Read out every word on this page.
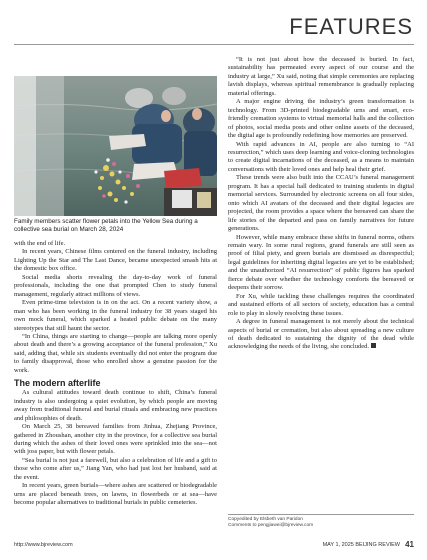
FEATURES
Family members scatter flower petals into the Yellow Sea during a collective sea burial on March 28, 2024

with the end of life.

In recent years, Chinese films centered on the funeral industry, including Lighting Up the Star and The Last Dance, became unexpected smash hits at the domestic box office.

Social media shorts revealing the day-to-day work of funeral professionals, including the one that prompted Chen to study funeral management, regularly attract millions of views.

Even prime-time television is in on the act. On a recent variety show, a man who has been working in the funeral industry for 38 years staged his own mock funeral, which sparked a heated public debate on the many stereotypes that still haunt the sector.

“In China, things are starting to change—people are talking more openly about death and there’s a growing acceptance of the funeral profession,” Xu said, adding that, while six students eventually did not enter the program due to family disapproval, those who enrolled show a genuine passion for the work.

The modern afterlife

As cultural attitudes toward death continue to shift, China’s funeral industry is also undergoing a quiet evolution, by which people are moving away from traditional funeral and burial rituals and embracing new practices and philosophies of death.

On March 25, 38 bereaved families from Jinhua, Zhejiang Province, gathered in Zhoushan, another city in the province, for a collective sea burial during which the ashes of their loved ones were sprinkled into the sea—not with joss paper, but with flower petals.

“Sea burial is not just a farewell, but also a celebration of life and a gift to those who come after us,” Jiang Yan, who had just lost her husband, said at the event.

In recent years, green burials—where ashes are scattered or biodegradable urns are placed beneath trees, on lawns, in flowerbeds or at sea—have become popular alternatives to traditional burials in public cemeteries.

“It is not just about how the deceased is buried. In fact, sustainability has permeated every aspect of our course and the industry at large,” Xu said, noting that simple ceremonies are replacing lavish displays, whereas spiritual remembrance is gradually replacing material offerings.

A major engine driving the industry’s green transformation is technology. From 3D-printed biodegradable urns and smart, eco-friendly cremation systems to virtual memorial halls and the collection of photos, social media posts and other online assets of the deceased, the digital age is profoundly redefining how memories are preserved.

With rapid advances in AI, people are also turning to “AI resurrection,” which uses deep learning and voice-cloning technologies to create digital incarnations of the deceased, as a means to maintain conversations with their loved ones and help heal their grief.

These trends were also built into the CCAU’s funeral management program. It has a special hall dedicated to training students in digital memorial services. Surrounded by electronic screens on all four sides, onto which AI avatars of the deceased and their digital legacies are projected, the room provides a space where the bereaved can share the life stories of the departed and pass on family narratives for future generations.

However, while many embrace these shifts in funeral norms, others remain wary. In some rural regions, grand funerals are still seen as proof of filial piety, and green burials are dismissed as disrespectful; legal guidelines for inheriting digital legacies are yet to be established; and the unauthorized “AI resurrection” of public figures has sparked fierce debate over whether the technology comforts the bereaved or deepens their sorrow.

For Xu, while tackling these challenges requires the coordinated and sustained efforts of all sectors of society, education has a central role to play in slowly resolving these issues.

A degree in funeral management is not merely about the technical aspects of burial or cremation, but also about spreading a new culture of death dedicated to sustaining the dignity of the dead while acknowledging the needs of the living, she concluded.

Copyedited by Elsbeth van Paridon
Comments to pengjiawei@bjreview.com
http://www.bjreview.com	MAY 1, 2025 BEIJING REVIEW 41
